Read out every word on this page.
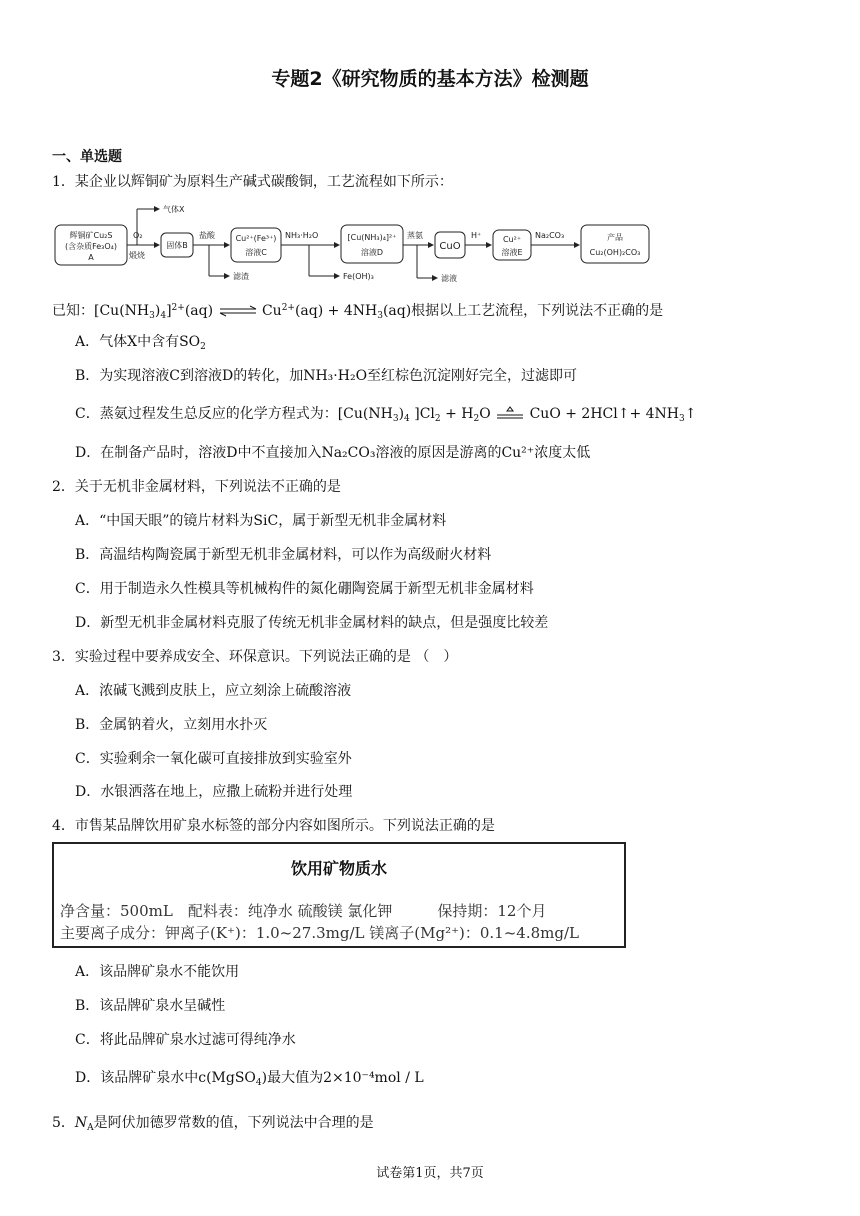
专题2《研究物质的基本方法》检测题
一、单选题
1．某企业以辉铜矿为原料生产碱式碳酸铜，工艺流程如下所示：
辉铜矿Cu₂S
(含杂质Fe₃O₄)
A
O₂
煅烧
气体X
固体B
盐酸
滤渣
Cu²⁺(Fe³⁺)
溶液C
NH₃·H₂O
Fe(OH)₃
[Cu(NH₃)₄]²⁺
溶液D
蒸氨
滤液
CuO
H⁺	Cu²⁺
溶液E
Na₂CO₃	产品
Cu₂(OH)₂CO₃
已知：$[Cu(NH_3)_4]^{2+}(aq)$ ⇌ $Cu^{2+}(aq) + 4NH_3(aq)$根据以上工艺流程，下列说法不正确的是
A．气体X中含有$SO_2$
B．为实现溶液C到溶液D的转化，加NH₃·H₂O至红棕色沉淀刚好完全，过滤即可
C．蒸氨过程发生总反应的化学方程式为：[$Cu(NH_3)_4$ ]$Cl_2 + H_2O$  CuO + 2HCl↑+ $4NH_3↑$
D．在制备产品时，溶液D中不直接加入Na₂CO₃溶液的原因是游离的Cu²⁺浓度太低
2．关于无机非金属材料，下列说法不正确的是
A．“中国天眼”的镜片材料为SiC，属于新型无机非金属材料
B．高温结构陶瓷属于新型无机非金属材料，可以作为高级耐火材料
C．用于制造永久性模具等机械构件的氮化硼陶瓷属于新型无机非金属材料
D．新型无机非金属材料克服了传统无机非金属材料的缺点，但是强度比较差
3．实验过程中要养成安全、环保意识。下列说法正确的是 （　）
A．浓碱飞溅到皮肤上，应立刻涂上硫酸溶液
B．金属钠着火，立刻用水扑灭
C．实验剩余一氧化碳可直接排放到实验室外
D．水银洒落在地上，应撒上硫粉并进行处理
4．市售某品牌饮用矿泉水标签的部分内容如图所示。下列说法正确的是
饮用矿物质水
净含量：500mL　配料表：纯净水 硫酸镁 氯化钾　　　保持期：12个月
主要离子成分：钾离子(K⁺)：1.0~27.3mg/L 镁离子(Mg²⁺)：0.1~4.8mg/L
A．该品牌矿泉水不能饮用
B．该品牌矿泉水呈碱性
C．将此品牌矿泉水过滤可得纯净水
D．该品牌矿泉水中c(MgSO$_4$)最大值为2×10⁻⁴mol / L
5．$N_A$是阿伏加德罗常数的值，下列说法中合理的是
试卷第1页，共7页
